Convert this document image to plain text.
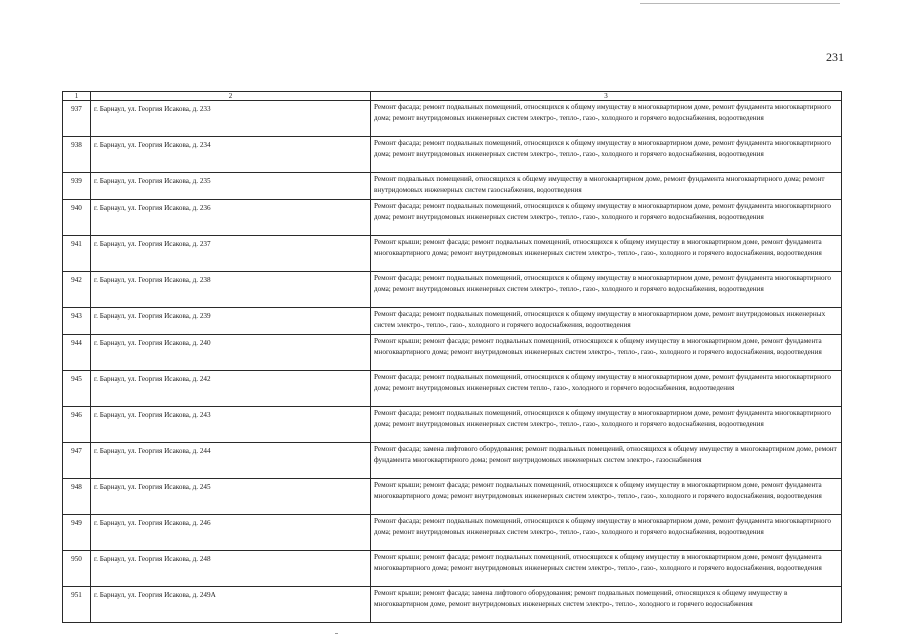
231
1	2	3
937	г. Барнаул, ул. Георгия Исакова, д. 233	Ремонт фасада; ремонт подвальных помещений, относящихся к общему имуществу в многоквартирном доме, ремонт фундамента многоквартирного дома; ремонт внутридомовых инженерных систем электро-, тепло-, газо-, холодного и горячего водоснабжения, водоотведения
938	г. Барнаул, ул. Георгия Исакова, д. 234	Ремонт фасада; ремонт подвальных помещений, относящихся к общему имуществу в многоквартирном доме, ремонт фундамента многоквартирного дома; ремонт внутридомовых инженерных систем электро-, тепло-, газо-, холодного и горячего водоснабжения, водоотведения
939	г. Барнаул, ул. Георгия Исакова, д. 235	Ремонт подвальных помещений, относящихся к общему имуществу в многоквартирном доме, ремонт фундамента многоквартирного дома; ремонт внутридомовых инженерных систем газоснабжения, водоотведения
940	г. Барнаул, ул. Георгия Исакова, д. 236	Ремонт фасада; ремонт подвальных помещений, относящихся к общему имуществу в многоквартирном доме, ремонт фундамента многоквартирного дома; ремонт внутридомовых инженерных систем электро-, тепло-, газо-, холодного и горячего водоснабжения, водоотведения
941	г. Барнаул, ул. Георгия Исакова, д. 237	Ремонт крыши; ремонт фасада; ремонт подвальных помещений, относящихся к общему имуществу в многоквартирном доме, ремонт фундамента многоквартирного дома; ремонт внутридомовых инженерных систем электро-, тепло-, газо-, холодного и горячего водоснабжения, водоотведения
942	г. Барнаул, ул. Георгия Исакова, д. 238	Ремонт фасада; ремонт подвальных помещений, относящихся к общему имуществу в многоквартирном доме, ремонт фундамента многоквартирного дома; ремонт внутридомовых инженерных систем электро-, тепло-, газо-, холодного и горячего водоснабжения, водоотведения
943	г. Барнаул, ул. Георгия Исакова, д. 239	Ремонт фасада; ремонт подвальных помещений, относящихся к общему имуществу в многоквартирном доме, ремонт внутридомовых инженерных систем электро-, тепло-, газо-, холодного и горячего водоснабжения, водоотведения
944	г. Барнаул, ул. Георгия Исакова, д. 240	Ремонт крыши; ремонт фасада; ремонт подвальных помещений, относящихся к общему имуществу в многоквартирном доме, ремонт фундамента многоквартирного дома; ремонт внутридомовых инженерных систем электро-, тепло-, газо-, холодного и горячего водоснабжения, водоотведения
945	г. Барнаул, ул. Георгия Исакова, д. 242	Ремонт фасада; ремонт подвальных помещений, относящихся к общему имуществу в многоквартирном доме, ремонт фундамента многоквартирного дома; ремонт внутридомовых инженерных систем тепло-, газо-, холодного и горячего водоснабжения, водоотведения
946	г. Барнаул, ул. Георгия Исакова, д. 243	Ремонт фасада; ремонт подвальных помещений, относящихся к общему имуществу в многоквартирном доме, ремонт фундамента многоквартирного дома; ремонт внутридомовых инженерных систем электро-, тепло-, газо-, холодного и горячего водоснабжения, водоотведения
947	г. Барнаул, ул. Георгия Исакова, д. 244	Ремонт фасада; замена лифтового оборудования; ремонт подвальных помещений, относящихся к общему имуществу в многоквартирном доме, ремонт фундамента многоквартирного дома; ремонт внутридомовых инженерных систем электро-, газоснабжения
948	г. Барнаул, ул. Георгия Исакова, д. 245	Ремонт крыши; ремонт фасада; ремонт подвальных помещений, относящихся к общему имуществу в многоквартирном доме, ремонт фундамента многоквартирного дома; ремонт внутридомовых инженерных систем электро-, тепло-, газо-, холодного и горячего водоснабжения, водоотведения
949	г. Барнаул, ул. Георгия Исакова, д. 246	Ремонт фасада; ремонт подвальных помещений, относящихся к общему имуществу в многоквартирном доме, ремонт фундамента многоквартирного дома; ремонт внутридомовых инженерных систем электро-, тепло-, газо-, холодного и горячего водоснабжения, водоотведения
950	г. Барнаул, ул. Георгия Исакова, д. 248	Ремонт крыши; ремонт фасада; ремонт подвальных помещений, относящихся к общему имуществу в многоквартирном доме, ремонт фундамента многоквартирного дома; ремонт внутридомовых инженерных систем электро-, тепло-, газо-, холодного и горячего водоснабжения, водоотведения
951	г. Барнаул, ул. Георгия Исакова, д. 249А	Ремонт крыши; ремонт фасада; замена лифтового оборудования; ремонт подвальных помещений, относящихся к общему имуществу в многоквартирном доме, ремонт внутридомовых инженерных систем электро-, тепло-, холодного и горячего водоснабжения
